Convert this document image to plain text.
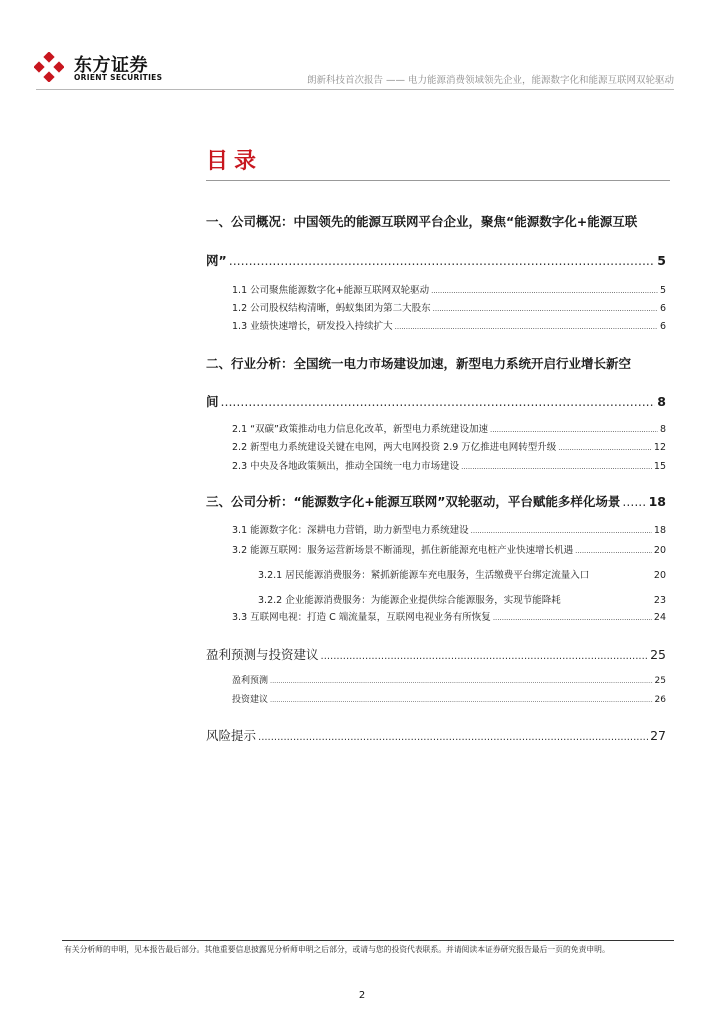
东方证券
ORIENT SECURITIES	朗新科技首次报告 —— 电力能源消费领域领先企业，能源数字化和能源互联网双轮驱动
目录
一、公司概况：中国领先的能源互联网平台企业，聚焦“能源数字化+能源互联
网” .....	5
1.1 公司聚焦能源数字化+能源互联网双轮驱动 .....	5
1.2 公司股权结构清晰，蚂蚁集团为第二大股东 .....	6
1.3 业绩快速增长，研发投入持续扩大 .....	6
二、行业分析：全国统一电力市场建设加速，新型电力系统开启行业增长新空
间 .....	8
2.1 “双碳”政策推动电力信息化改革，新型电力系统建设加速 .....	8
2.2 新型电力系统建设关键在电网，两大电网投资 2.9 万亿推进电网转型升级 .....	12
2.3 中央及各地政策频出，推动全国统一电力市场建设 .....	15
三、公司分析：“能源数字化+能源互联网”双轮驱动，平台赋能多样化场景 ..... 18
3.1 能源数字化：深耕电力营销，助力新型电力系统建设 .....	18
3.2 能源互联网：服务运营新场景不断涌现，抓住新能源充电桩产业快速增长机遇 .....	20
3.2.1 居民能源消费服务：紧抓新能源车充电服务，生活缴费平台绑定流量入口	20
3.2.2 企业能源消费服务：为能源企业提供综合能源服务，实现节能降耗	23
3.3 互联网电视：打造 C 端流量泵，互联网电视业务有所恢复 .....	24
盈利预测与投资建议 .....	25
盈利预测 .....	25
投资建议 .....	26
风险提示 .....	27
有关分析师的申明，见本报告最后部分。其他重要信息披露见分析师申明之后部分，或请与您的投资代表联系。并请阅读本证券研究报告最后一页的免责申明。
2
